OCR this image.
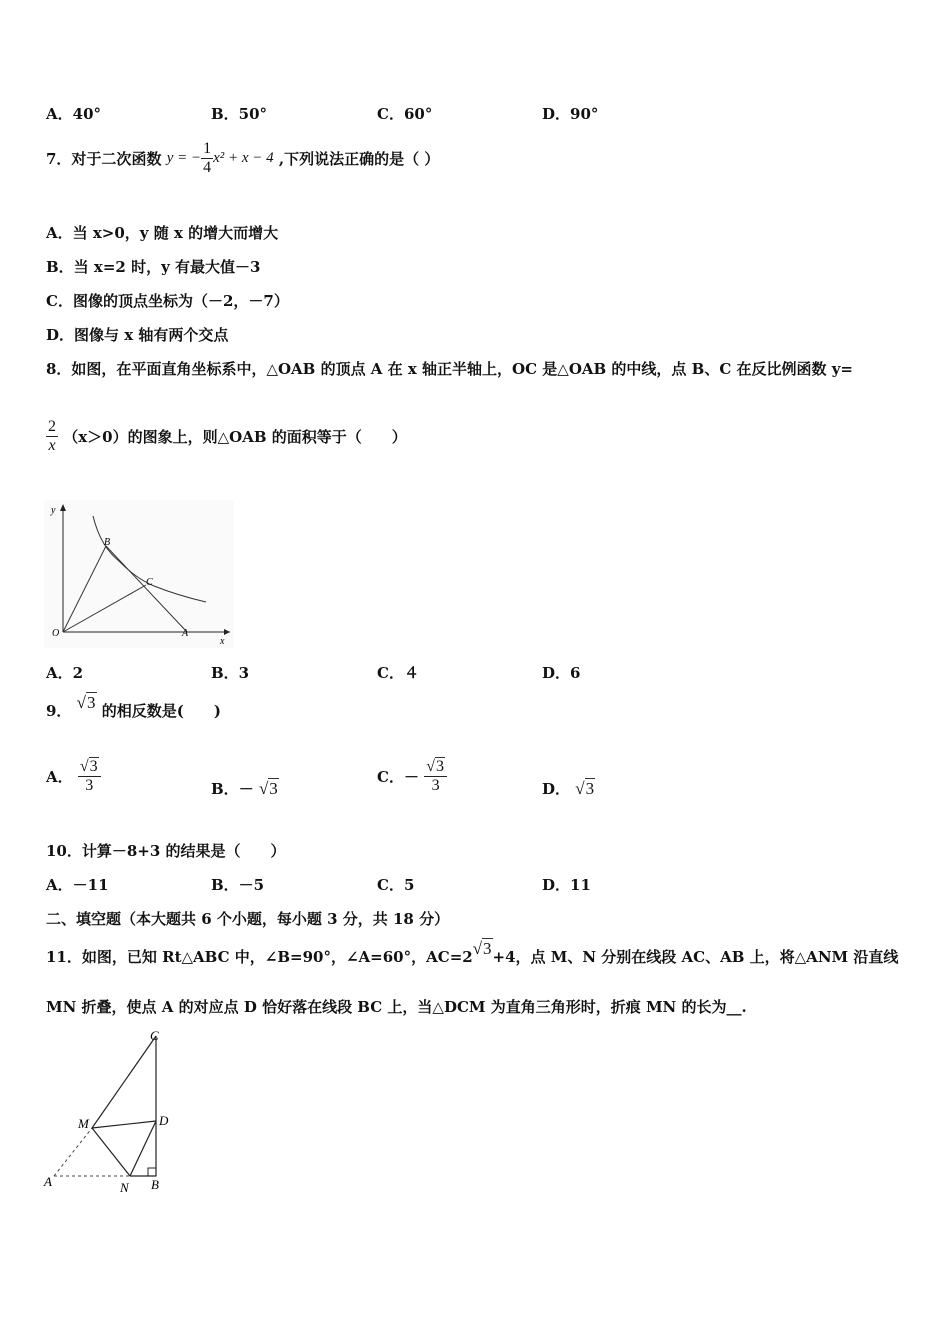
A．40°	B．50°	C．60°	D．90°
7．对于二次函数 y = − $\frac{1}{4} x^2 + x - 4$ ,下列说法正确的是（ ）
A．当 x>0，y 随 x 的增大而增大
B．当 x=2 时，y 有最大值－3
C．图像的顶点坐标为（－2，－7）
D．图像与 x 轴有两个交点
8．如图，在平面直角坐标系中，△OAB 的顶点 A 在 x 轴正半轴上，OC 是△OAB 的中线，点 B、C 在反比例函数 y=
$\frac{2}{x} (x>0)$的图象上，则△OAB 的面积等于（　　）
y
x
O	A
B
C
A．2	B．3	C．４	D．6
9． √3 的相反数是(　　)
A． $\frac{√3}{3}$	B．－ √3
C．－ $\frac{√3}{3}$	D． √3
10．计算－8+3 的结果是（　　）
A．－11	B．－5	C．5	D．11
二、填空题（本大题共 6 个小题，每小题 3 分，共 18 分）
11．如图，已知 Rt△ABC 中，∠B=90°，∠A=60°，AC=2√3+4，点 M、N 分别在线段 AC、AB 上，将△ANM 沿直线
MN 折叠，使点 A 的对应点 D 恰好落在线段 BC 上，当△DCM 为直角三角形时，折痕 MN 的长为__.
C
M	D
A	N B
